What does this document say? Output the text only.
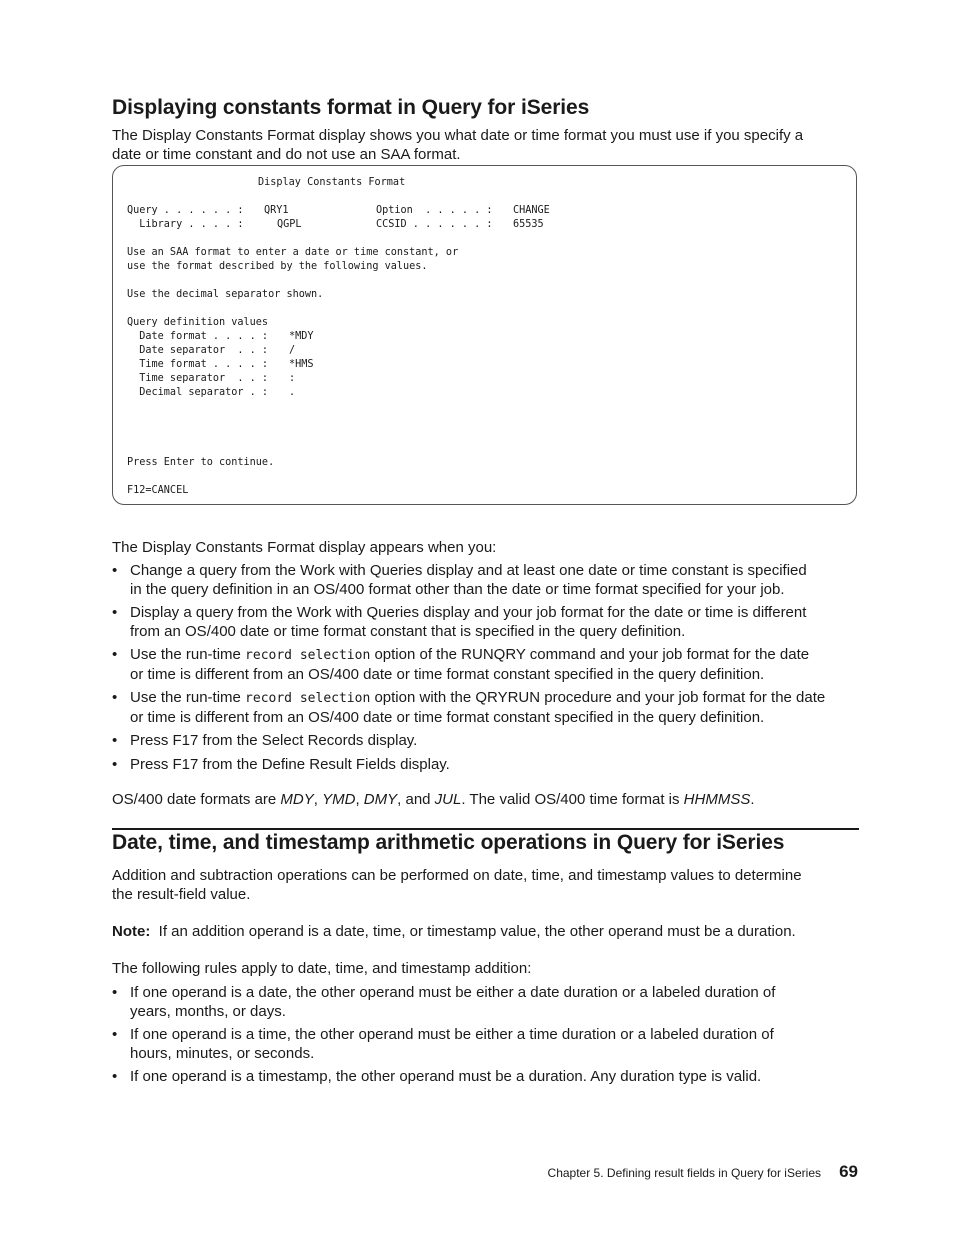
Displaying constants format in Query for iSeries
The Display Constants Format display shows you what date or time format you must use if you specify a
date or time constant and do not use an SAA format.
Display Constants Format
Query . . . . . . : QRY1	Option  . . . . . : CHANGE
Library . . . . :	QGPL	CCSID . . . . . . : 65535
Use an SAA format to enter a date or time constant, or
use the format described by the following values.
Use the decimal separator shown.
Query definition values
Date format . . . . : *MDY
Date separator  . . : /
Time format . . . . : *HMS
Time separator  . . : :
Decimal separator . : .
Press Enter to continue.
F12=CANCEL
The Display Constants Format display appears when you:
• Change a query from the Work with Queries display and at least one date or time constant is specified
in the query definition in an OS/400 format other than the date or time format specified for your job.
• Display a query from the Work with Queries display and your job format for the date or time is different
from an OS/400 date or time format constant that is specified in the query definition.
• Use the run-time record selection option of the RUNQRY command and your job format for the date
or time is different from an OS/400 date or time format constant specified in the query definition.
• Use the run-time record selection option with the QRYRUN procedure and your job format for the date
or time is different from an OS/400 date or time format constant specified in the query definition.
• Press F17 from the Select Records display.
• Press F17 from the Define Result Fields display.
OS/400 date formats are MDY, YMD, DMY, and JUL. The valid OS/400 time format is HHMMSS.
Date, time, and timestamp arithmetic operations in Query for iSeries
Addition and subtraction operations can be performed on date, time, and timestamp values to determine
the result-field value.
Note: If an addition operand is a date, time, or timestamp value, the other operand must be a duration.
The following rules apply to date, time, and timestamp addition:
• If one operand is a date, the other operand must be either a date duration or a labeled duration of
years, months, or days.
• If one operand is a time, the other operand must be either a time duration or a labeled duration of
hours, minutes, or seconds.
• If one operand is a timestamp, the other operand must be a duration. Any duration type is valid.
Chapter 5. Defining result fields in Query for iSeries 69
